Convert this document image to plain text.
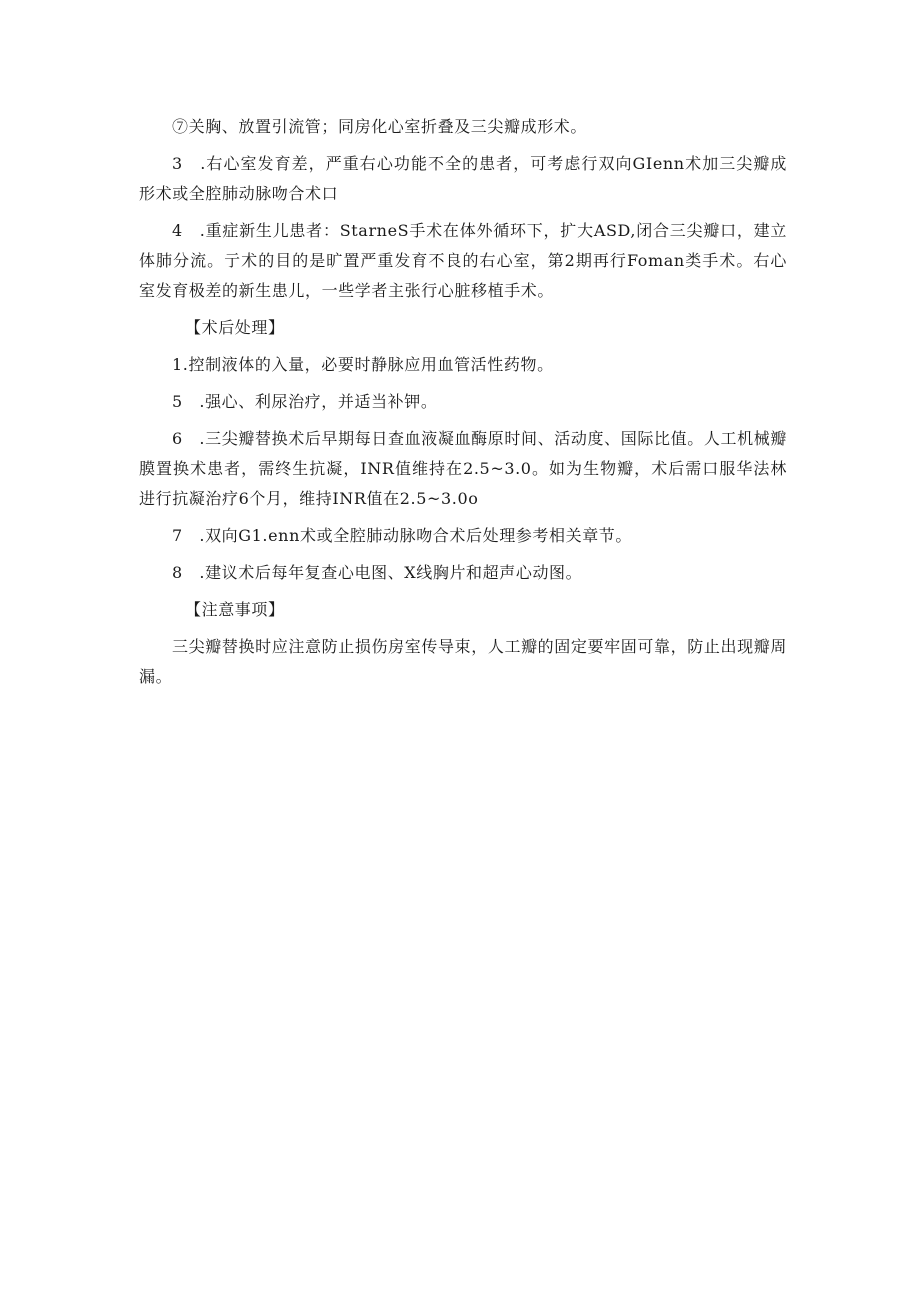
⑦关胸、放置引流管；同房化心室折叠及三尖瓣成形术。

3　.右心室发育差，严重右心功能不全的患者，可考虑行双向GIenn术加三尖瓣成形术或全腔肺动脉吻合术口

4　.重症新生儿患者：StarneS手术在体外循环下，扩大ASD,闭合三尖瓣口，建立体肺分流。亍术的目的是旷置严重发育不良的右心室，第2期再行Foman类手术。右心室发育极差的新生患儿，一些学者主张行心脏移植手术。

【术后处理】

1.控制液体的入量，必要时静脉应用血管活性药物。

5　.强心、利尿治疗，并适当补钾。

6　.三尖瓣替换术后早期每日查血液凝血酶原时间、活动度、国际比值。人工机械瓣膜置换术患者，需终生抗凝，INR值维持在2.5~3.0。如为生物瓣，术后需口服华法林进行抗凝治疗6个月，维持INR值在2.5~3.0o

7　.双向G1.enn术或全腔肺动脉吻合术后处理参考相关章节。

8　.建议术后每年复查心电图、X线胸片和超声心动图。

【注意事项】

三尖瓣替换时应注意防止损伤房室传导束，人工瓣的固定要牢固可靠，防止出现瓣周漏。
